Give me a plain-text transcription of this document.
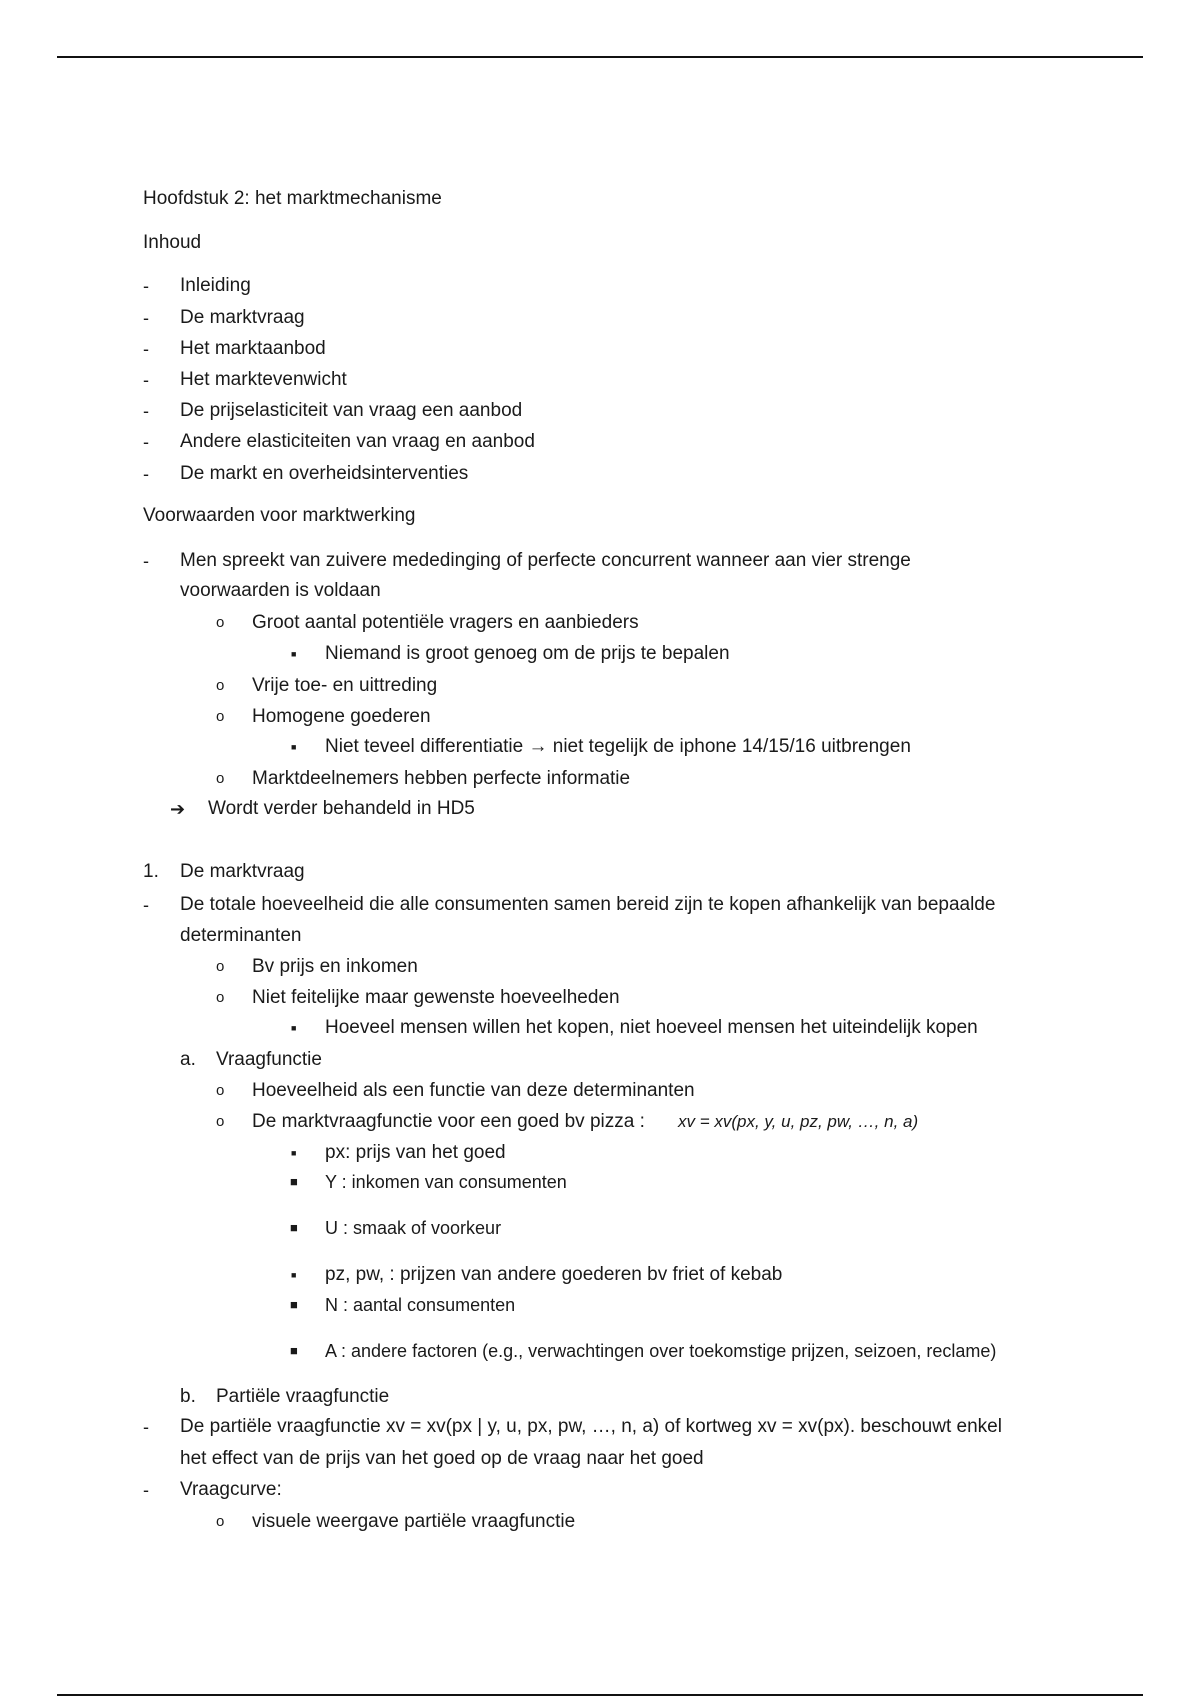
Hoofdstuk 2: het marktmechanisme
Inhoud
- Inleiding
- De marktvraag
- Het marktaanbod
- Het marktevenwicht
- De prijselasticiteit van vraag een aanbod
- Andere elasticiteiten van vraag en aanbod
- De markt en overheidsinterventies
Voorwaarden voor marktwerking
- Men spreekt van zuivere mededinging of perfecte concurrent wanneer aan vier strenge
voorwaarden is voldaan
o Groot aantal potentiële vragers en aanbieders
■ Niemand is groot genoeg om de prijs te bepalen
o Vrije toe- en uittreding
o Homogene goederen
■ Niet teveel differentiatie → niet tegelijk de iphone 14/15/16 uitbrengen
o Marktdeelnemers hebben perfecte informatie
➔ Wordt verder behandeld in HD5
1. De marktvraag
- De totale hoeveelheid die alle consumenten samen bereid zijn te kopen afhankelijk van bepaalde
determinanten
o Bv prijs en inkomen
o Niet feitelijke maar gewenste hoeveelheden
■ Hoeveel mensen willen het kopen, niet hoeveel mensen het uiteindelijk kopen
a. Vraagfunctie
o Hoeveelheid als een functie van deze determinanten
o De marktvraagfunctie voor een goed bv pizza : xv = xv(px, y, u, pz, pw, …, n, a)
■ px: prijs van het goed
■ Y : inkomen van consumenten
■ U : smaak of voorkeur
■ pz, pw, : prijzen van andere goederen bv friet of kebab
■ N : aantal consumenten
■ A : andere factoren (e.g., verwachtingen over toekomstige prijzen, seizoen, reclame)
b. Partiële vraagfunctie
- De partiële vraagfunctie xv = xv(px | y, u, px, pw, …, n, a) of kortweg xv = xv(px). beschouwt enkel
het effect van de prijs van het goed op de vraag naar het goed
- Vraagcurve:
o visuele weergave partiële vraagfunctie
